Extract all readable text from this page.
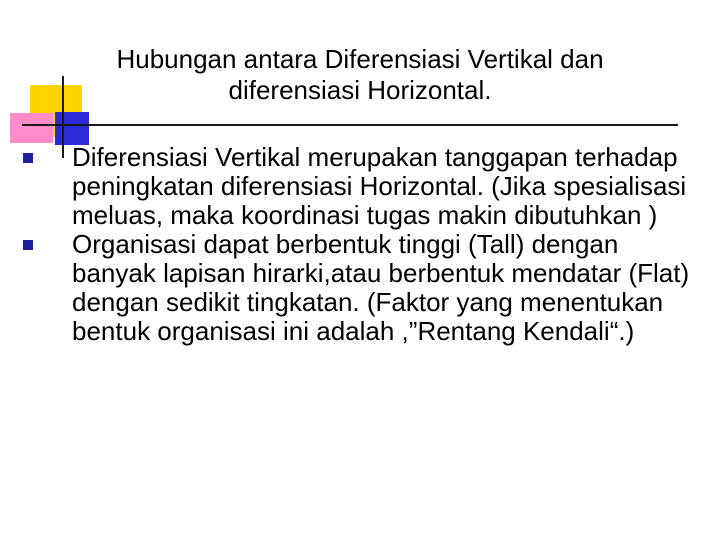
Hubungan antara Diferensiasi Vertikal dan
diferensiasi Horizontal.
Diferensiasi Vertikal merupakan tanggapan terhadap peningkatan diferensiasi Horizontal. (Jika spesialisasi meluas, maka koordinasi tugas makin dibutuhkan )
Organisasi dapat berbentuk tinggi (Tall) dengan banyak lapisan hirarki,atau berbentuk mendatar (Flat) dengan sedikit tingkatan. (Faktor yang menentukan bentuk organisasi ini adalah ,”Rentang Kendali“.)
